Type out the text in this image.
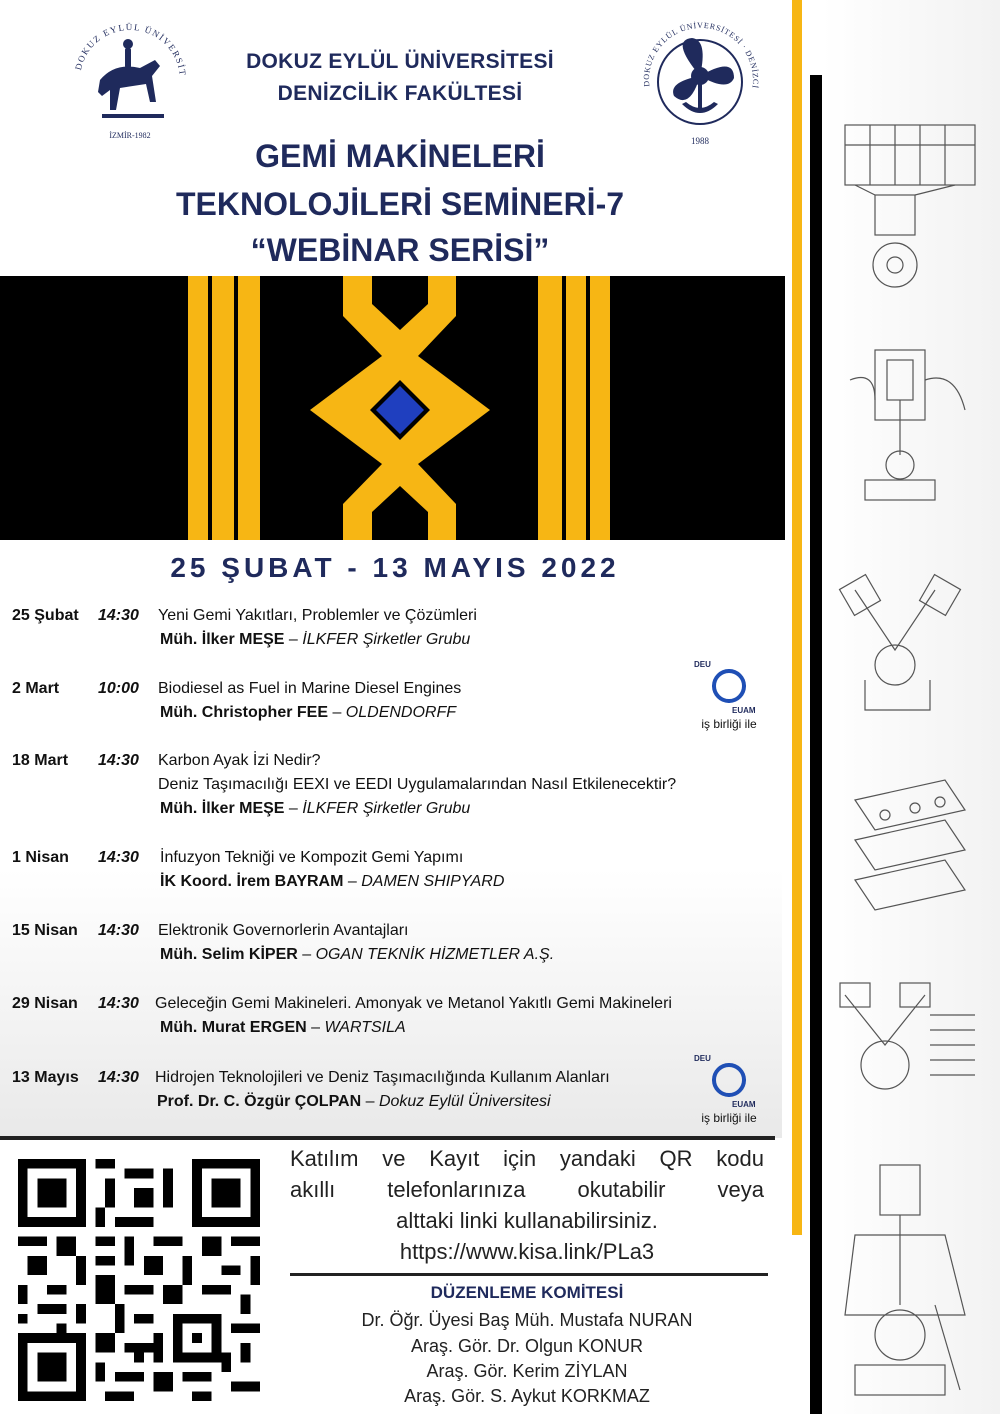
DOKUZ EYLÜL ÜNİVERSİT
İZMİR-1982
DOKUZ EYLÜL ÜNİVERSİTESİ
DENİZCİLİK FAKÜLTESİ	DOKUZ EYLÜL ÜNİVERSİTESİ · DENİZCİ
1988
GEMİ MAKİNELERİ
TEKNOLOJİLERİ SEMİNERİ-7
“WEBİNAR SERİSİ”
25 ŞUBAT - 13 MAYIS 2022
25 Şubat 14:30 Yeni Gemi Yakıtları, Problemler ve Çözümleri
Müh. İlker MEŞE – İLKFER Şirketler Grubu
2 Mart 10:00 Biodiesel as Fuel in Marine Diesel Engines
Müh. Christopher FEE – OLDENDORFF
18 Mart 14:30 Karbon Ayak İzi Nedir?
Deniz Taşımacılığı EEXI ve EEDI Uygulamalarından Nasıl Etkilenecektir?
Müh. İlker MEŞE – İLKFER Şirketler Grubu
1 Nisan 14:30 İnfuzyon Tekniği ve Kompozit Gemi Yapımı
İK Koord. İrem BAYRAM – DAMEN SHIPYARD
15 Nisan 14:30 Elektronik Governorlerin Avantajları
Müh. Selim KİPER – OGAN TEKNİK HİZMETLER A.Ş.
29 Nisan 14:30 Geleceğin Gemi Makineleri. Amonyak ve Metanol Yakıtlı Gemi Makineleri
Müh. Murat ERGEN – WARTSILA
13 Mayıs 14:30 Hidrojen Teknolojileri ve Deniz Taşımacılığında Kullanım Alanları
Prof. Dr. C. Özgür ÇOLPAN – Dokuz Eylül Üniversitesi
DEU
EUAM
iş birliği ile
DEU
EUAM
iş birliği ile
Katılım ve Kayıt için yandaki QR kodu
akıllı telefonlarınıza okutabilir veya
alttaki linki kullanabilirsiniz.
https://www.kisa.link/PLa3
DÜZENLEME KOMİTESİ
Dr. Öğr. Üyesi Baş Müh. Mustafa NURAN
Araş. Gör. Dr. Olgun KONUR
Araş. Gör. Kerim ZİYLAN
Araş. Gör. S. Aykut KORKMAZ
